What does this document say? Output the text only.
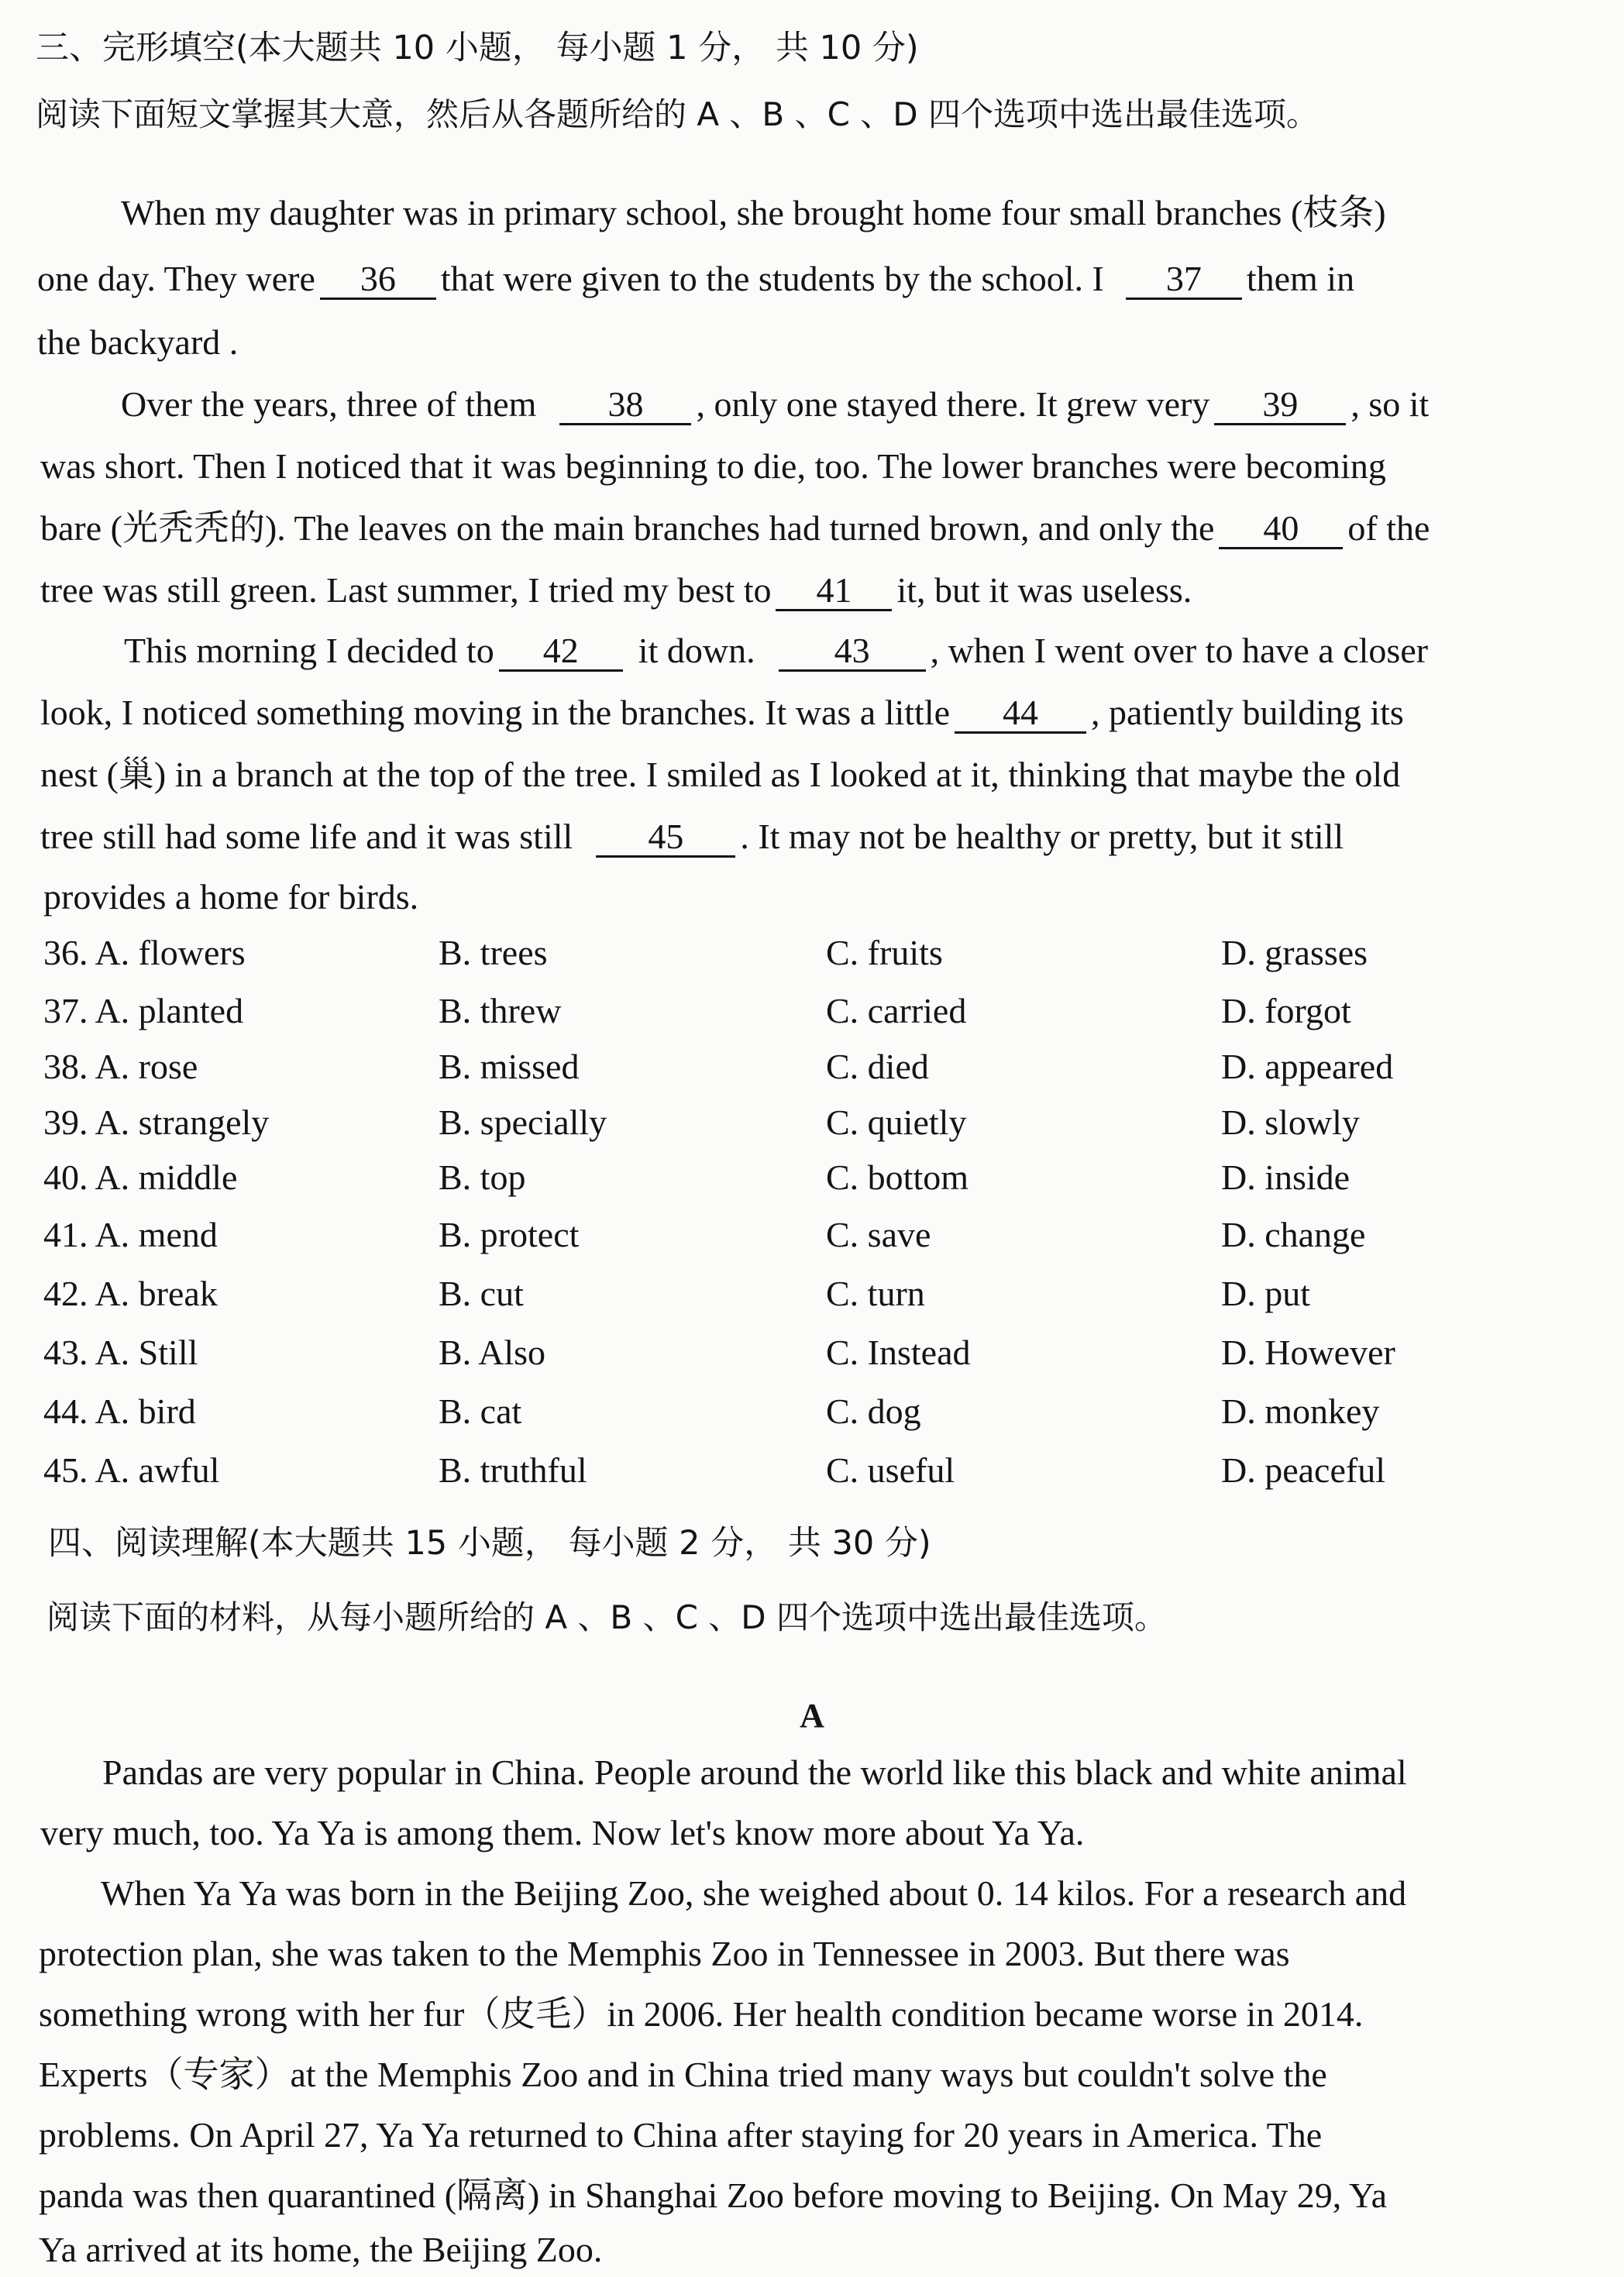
三、完形填空(本大题共 10 小题， 每小题 1 分， 共 10 分)
阅读下面短文掌握其大意，然后从各题所给的 A 、B 、C 、D 四个选项中选出最佳选项。
When my daughter was in primary school, she brought home four small branches (枝条)
one day. They were 36 that were given to the students by the school. I 37 them in
the backyard .
Over the years, three of them 38 , only one stayed there. It grew very 39 , so it
was short. Then I noticed that it was beginning to die, too. The lower branches were becoming
bare (光秃秃的). The leaves on the main branches had turned brown, and only the 40 of the
tree was still green. Last summer, I tried my best to 41 it, but it was useless.
This morning I decided to 42 it down. 43 , when I went over to have a closer
look, I noticed something moving in the branches. It was a little 44 , patiently building its
nest (巢) in a branch at the top of the tree. I smiled as I looked at it, thinking that maybe the old
tree still had some life and it was still 45 . It may not be healthy or pretty, but it still
provides a home for birds.
36. A. flowers	B. trees	C. fruits	D. grasses
37. A. planted	B. threw	C. carried	D. forgot
38. A. rose	B. missed	C. died	D. appeared
39. A. strangely	B. specially	C. quietly	D. slowly
40. A. middle	B. top	C. bottom	D. inside
41. A. mend	B. protect	C. save	D. change
42. A. break	B. cut	C. turn	D. put
43. A. Still	B. Also	C. Instead	D. However
44. A. bird	B. cat	C. dog	D. monkey
45. A. awful	B. truthful	C. useful	D. peaceful
四、阅读理解(本大题共 15 小题， 每小题 2 分， 共 30 分)
阅读下面的材料，从每小题所给的 A 、B 、C 、D 四个选项中选出最佳选项。
A
Pandas are very popular in China. People around the world like this black and white animal
very much, too. Ya Ya is among them. Now let's know more about Ya Ya.
When Ya Ya was born in the Beijing Zoo, she weighed about 0. 14 kilos. For a research and
protection plan, she was taken to the Memphis Zoo in Tennessee in 2003. But there was
something wrong with her fur（皮毛）in 2006. Her health condition became worse in 2014.
Experts（专家）at the Memphis Zoo and in China tried many ways but couldn't solve the
problems. On April 27, Ya Ya returned to China after staying for 20 years in America. The
panda was then quarantined (隔离) in Shanghai Zoo before moving to Beijing. On May 29, Ya
Ya arrived at its home, the Beijing Zoo.
